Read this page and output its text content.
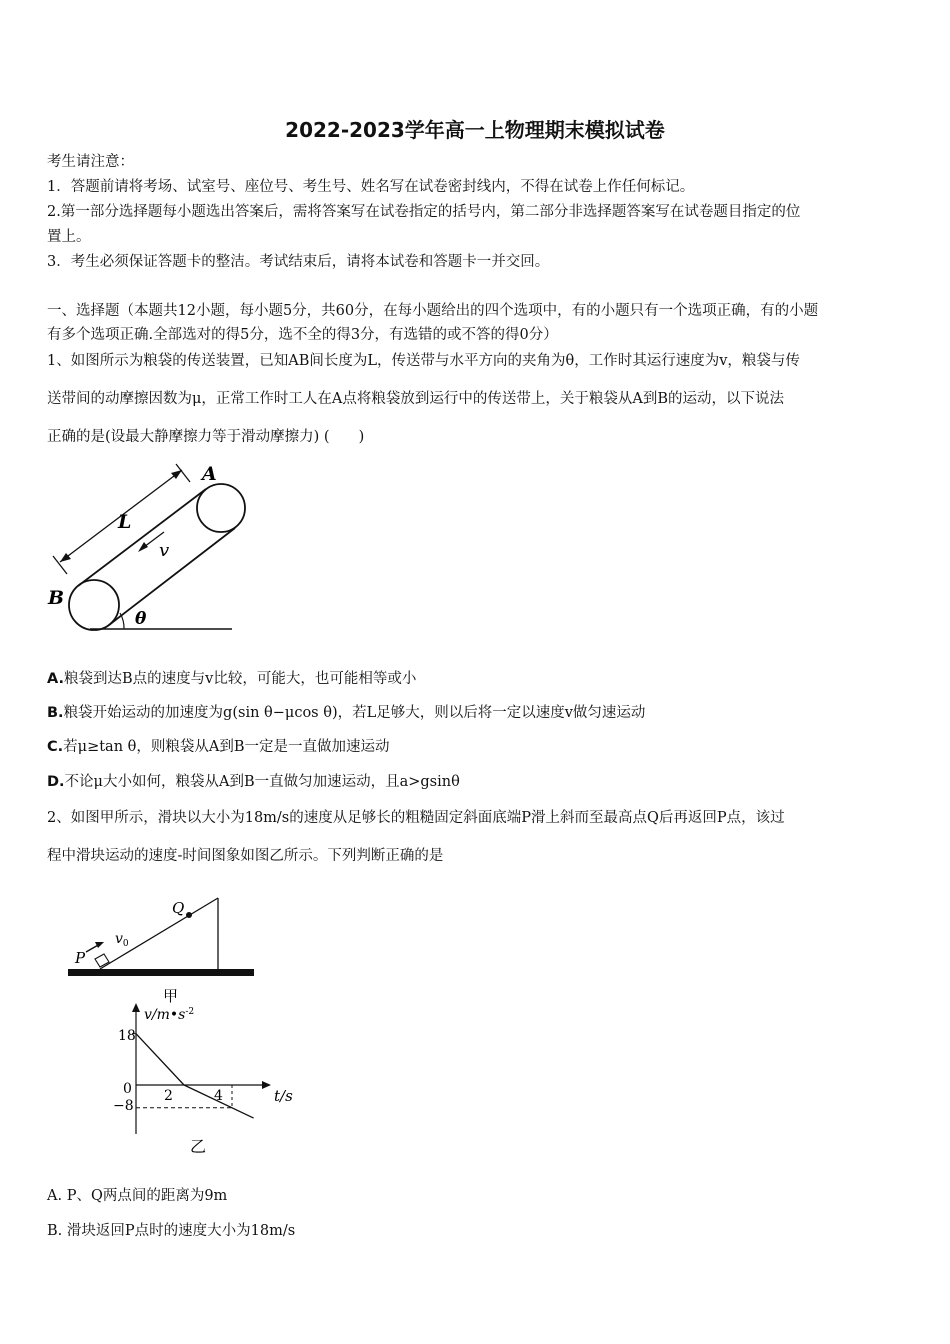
2022-2023学年高一上物理期末模拟试卷
考生请注意：
1．答题前请将考场、试室号、座位号、考生号、姓名写在试卷密封线内，不得在试卷上作任何标记。
2.第一部分选择题每小题选出答案后，需将答案写在试卷指定的括号内，第二部分非选择题答案写在试卷题目指定的位
置上。
3．考生必须保证答题卡的整洁。考试结束后，请将本试卷和答题卡一并交回。
一、选择题（本题共12小题，每小题5分，共60分，在每小题给出的四个选项中，有的小题只有一个选项正确，有的小题
有多个选项正确.全部选对的得5分，选不全的得3分，有选错的或不答的得0分）
1、如图所示为粮袋的传送装置，已知AB间长度为L，传送带与水平方向的夹角为θ，工作时其运行速度为v，粮袋与传
送带间的动摩擦因数为μ，正常工作时工人在A点将粮袋放到运行中的传送带上，关于粮袋从A到B的运动，以下说法
正确的是(设最大静摩擦力等于滑动摩擦力) (　　)
A
B
L
v
θ
A.粮袋到达B点的速度与v比较，可能大，也可能相等或小
B.粮袋开始运动的加速度为g(sin θ−μcos θ)，若L足够大，则以后将一定以速度v做匀速运动
C.若μ≥tan θ，则粮袋从A到B一定是一直做加速运动
D.不论μ大小如何，粮袋从A到B一直做匀加速运动，且a>gsinθ
2、如图甲所示，滑块以大小为18m/s的速度从足够长的粗糙固定斜面底端P滑上斜而至最高点Q后再返回P点，该过
程中滑块运动的速度-时间图象如图乙所示。下列判断正确的是
P
Q
$v_0$
甲
$v/m•s^{-2}$
t/s
18
0
−8
2	4
乙
A. P、Q两点间的距离为9m
B. 滑块返回P点时的速度大小为18m/s
